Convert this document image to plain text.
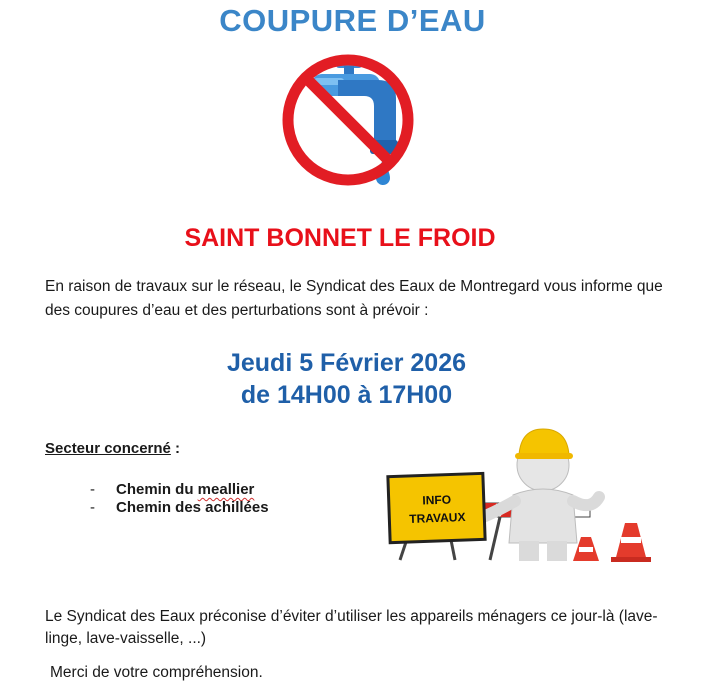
COUPURE D’EAU
SAINT BONNET LE FROID
En raison de travaux sur le réseau, le Syndicat des Eaux de Montregard vous informe que des coupures d’eau et des perturbations sont à prévoir :
Jeudi 5 Février 2026
de 14H00 à 17H00
Secteur concerné :
- Chemin du meallier
- Chemin des achillées	INFO
TRAVAUX
Le Syndicat des Eaux préconise d’éviter d’utiliser les appareils ménagers ce jour-là (lave-linge, lave-vaisselle, ...)
Merci de votre compréhension.
